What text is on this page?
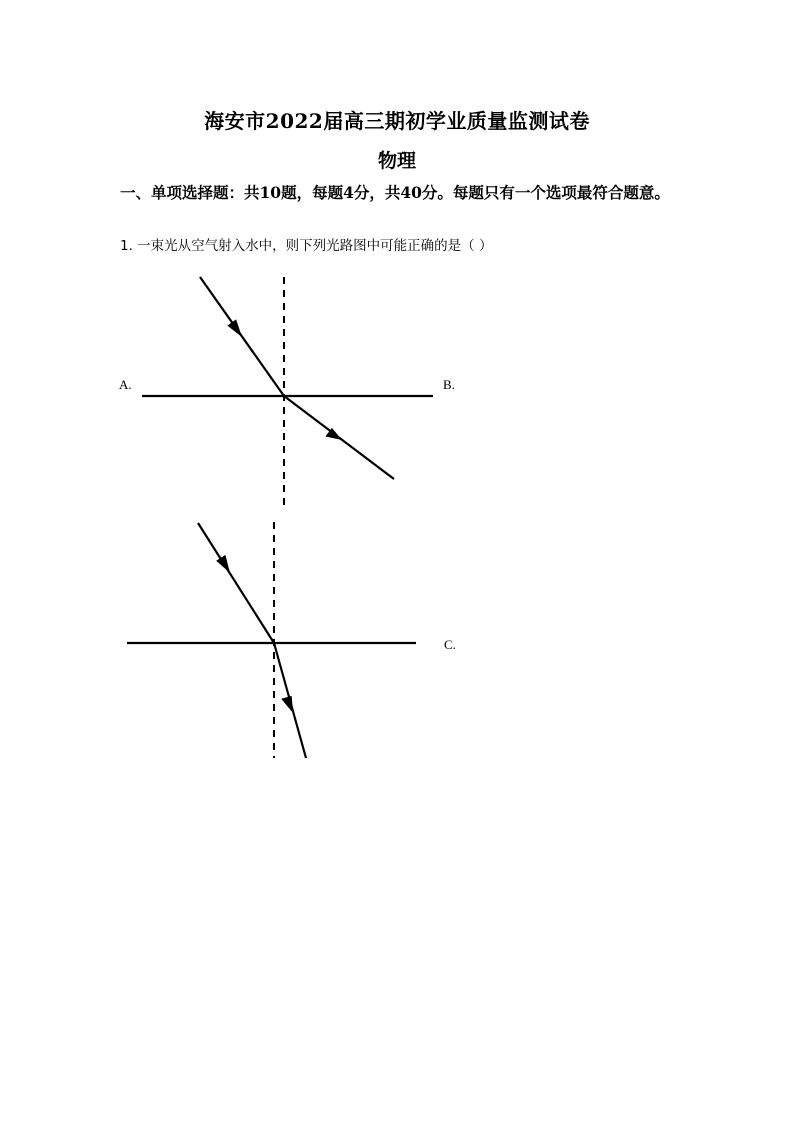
海安市2022届高三期初学业质量监测试卷
物理
一、单项选择题：共10题，每题4分，共40分。每题只有一个选项最符合题意。
1. 一束光从空气射入水中，则下列光路图中可能正确的是（ ）
A.	B.
C.
